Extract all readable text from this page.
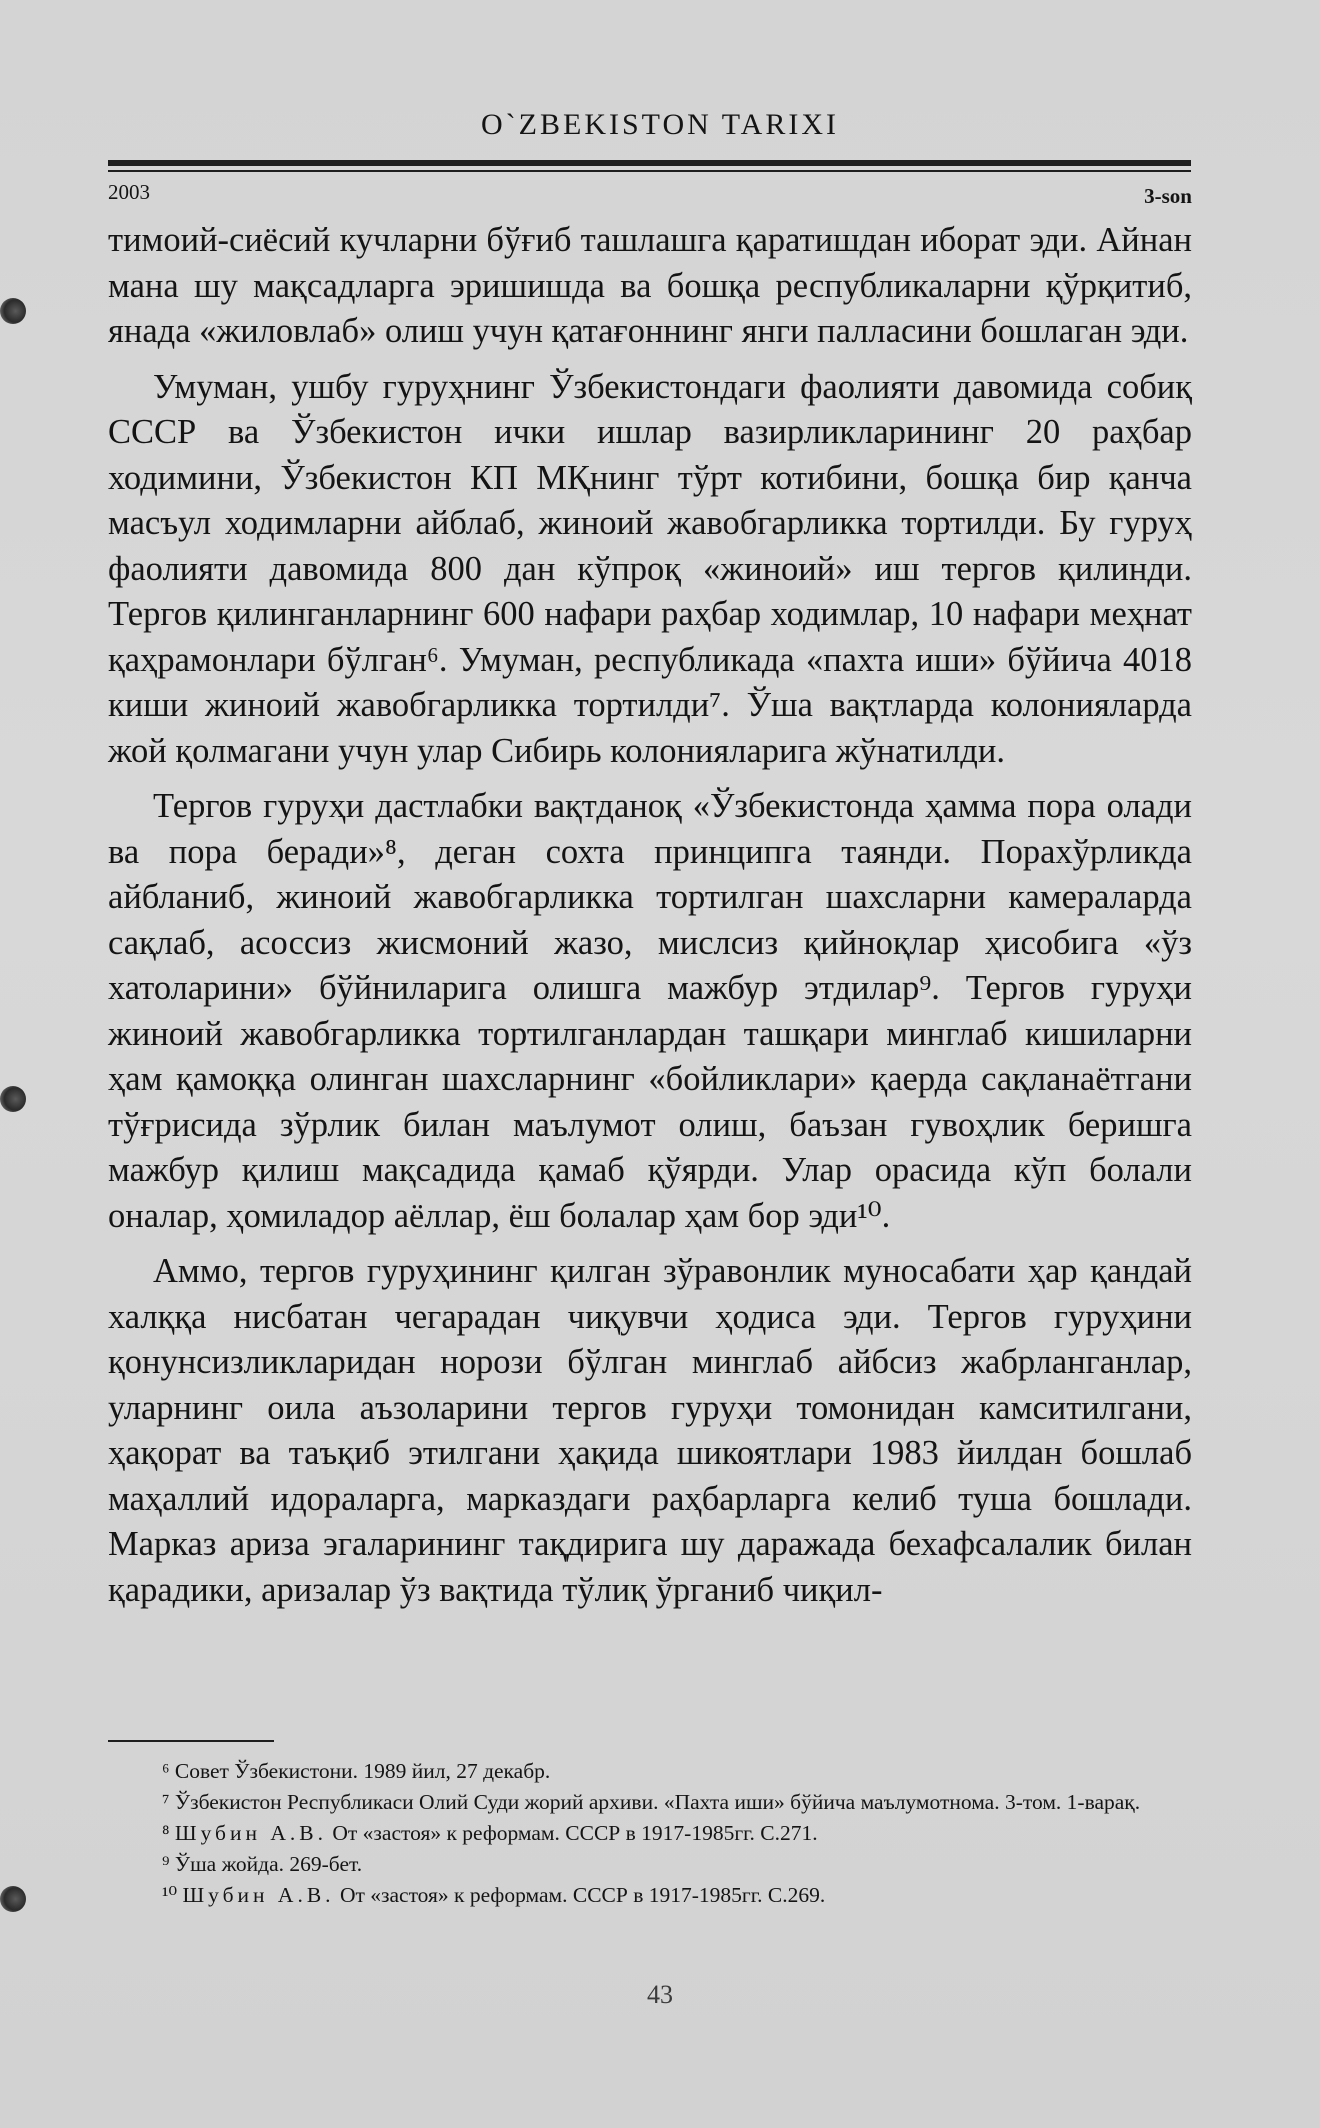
O`ZBEKISTON TARIXI
2003	3-son

тимоий-сиёсий кучларни бўғиб ташлашга қаратишдан иборат эди. Айнан мана шу мақсадларга эришишда ва бошқа республикаларни қўрқитиб, янада «жиловлаб» олиш учун қатағоннинг янги палласини бошлаган эди.

Умуман, ушбу гуруҳнинг Ўзбекистондаги фаолияти давомида собиқ СССР ва Ўзбекистон ички ишлар вазирликларининг 20 раҳбар ходимини, Ўзбекистон КП МҚнинг тўрт котибини, бошқа бир қанча масъул ходимларни айблаб, жиноий жавобгарликка тортилди. Бу гуруҳ фаолияти давомида 800 дан кўпроқ «жиноий» иш тергов қилинди. Тергов қилинганларнинг 600 нафари раҳбар ходимлар, 10 нафари меҳнат қаҳрамонлари бўлган⁶. Умуман, республикада «пахта иши» бўйича 4018 киши жиноий жавобгарликка тортилди⁷. Ўша вақтларда колонияларда жой қолмагани учун улар Сибирь колонияларига жўнатилди.

Тергов гуруҳи дастлабки вақтданоқ «Ўзбекистонда ҳамма пора олади ва пора беради»⁸, деган сохта принципга таянди. Порахўрликда айбланиб, жиноий жавобгарликка тортилган шахсларни камераларда сақлаб, асоссиз жисмоний жазо, мислсиз қийноқлар ҳисобига «ўз хатоларини» бўйниларига олишга мажбур этдилар⁹. Тергов гуруҳи жиноий жавобгарликка тортилганлардан ташқари минглаб кишиларни ҳам қамоққа олинган шахсларнинг «бойликлари» қаерда сақланаётгани тўғрисида зўрлик билан маълумот олиш, баъзан гувоҳлик беришга мажбур қилиш мақсадида қамаб қўярди. Улар орасида кўп болали оналар, ҳомиладор аёллар, ёш болалар ҳам бор эди¹⁰.

Аммо, тергов гуруҳининг қилган зўравонлик муносабати ҳар қандай халққа нисбатан чегарадан чиқувчи ҳодиса эди. Тергов гуруҳини қонунсизликларидан норози бўлган минглаб айбсиз жабрланганлар, уларнинг оила аъзоларини тергов гуруҳи томонидан камситилгани, ҳақорат ва таъқиб этилгани ҳақида шикоятлари 1983 йилдан бошлаб маҳаллий идораларга, марказдаги раҳбарларга келиб туша бошлади. Марказ ариза эгаларининг тақдирига шу даражада бехафсалалик билан қарадики, аризалар ўз вақтида тўлиқ ўрганиб чиқил-

⁶ Совет Ўзбекистони. 1989 йил, 27 декабр.

⁷ Ўзбекистон Республикаси Олий Суди жорий архиви. «Пахта иши» бўйича маълумотнома. 3-том. 1-варақ.

⁸ Шубин А.В. От «застоя» к реформам. СССР в 1917-1985гг. С.271.

⁹ Ўша жойда. 269-бет.

¹⁰ Шубин А.В. От «застоя» к реформам. СССР в 1917-1985гг. С.269.

43
